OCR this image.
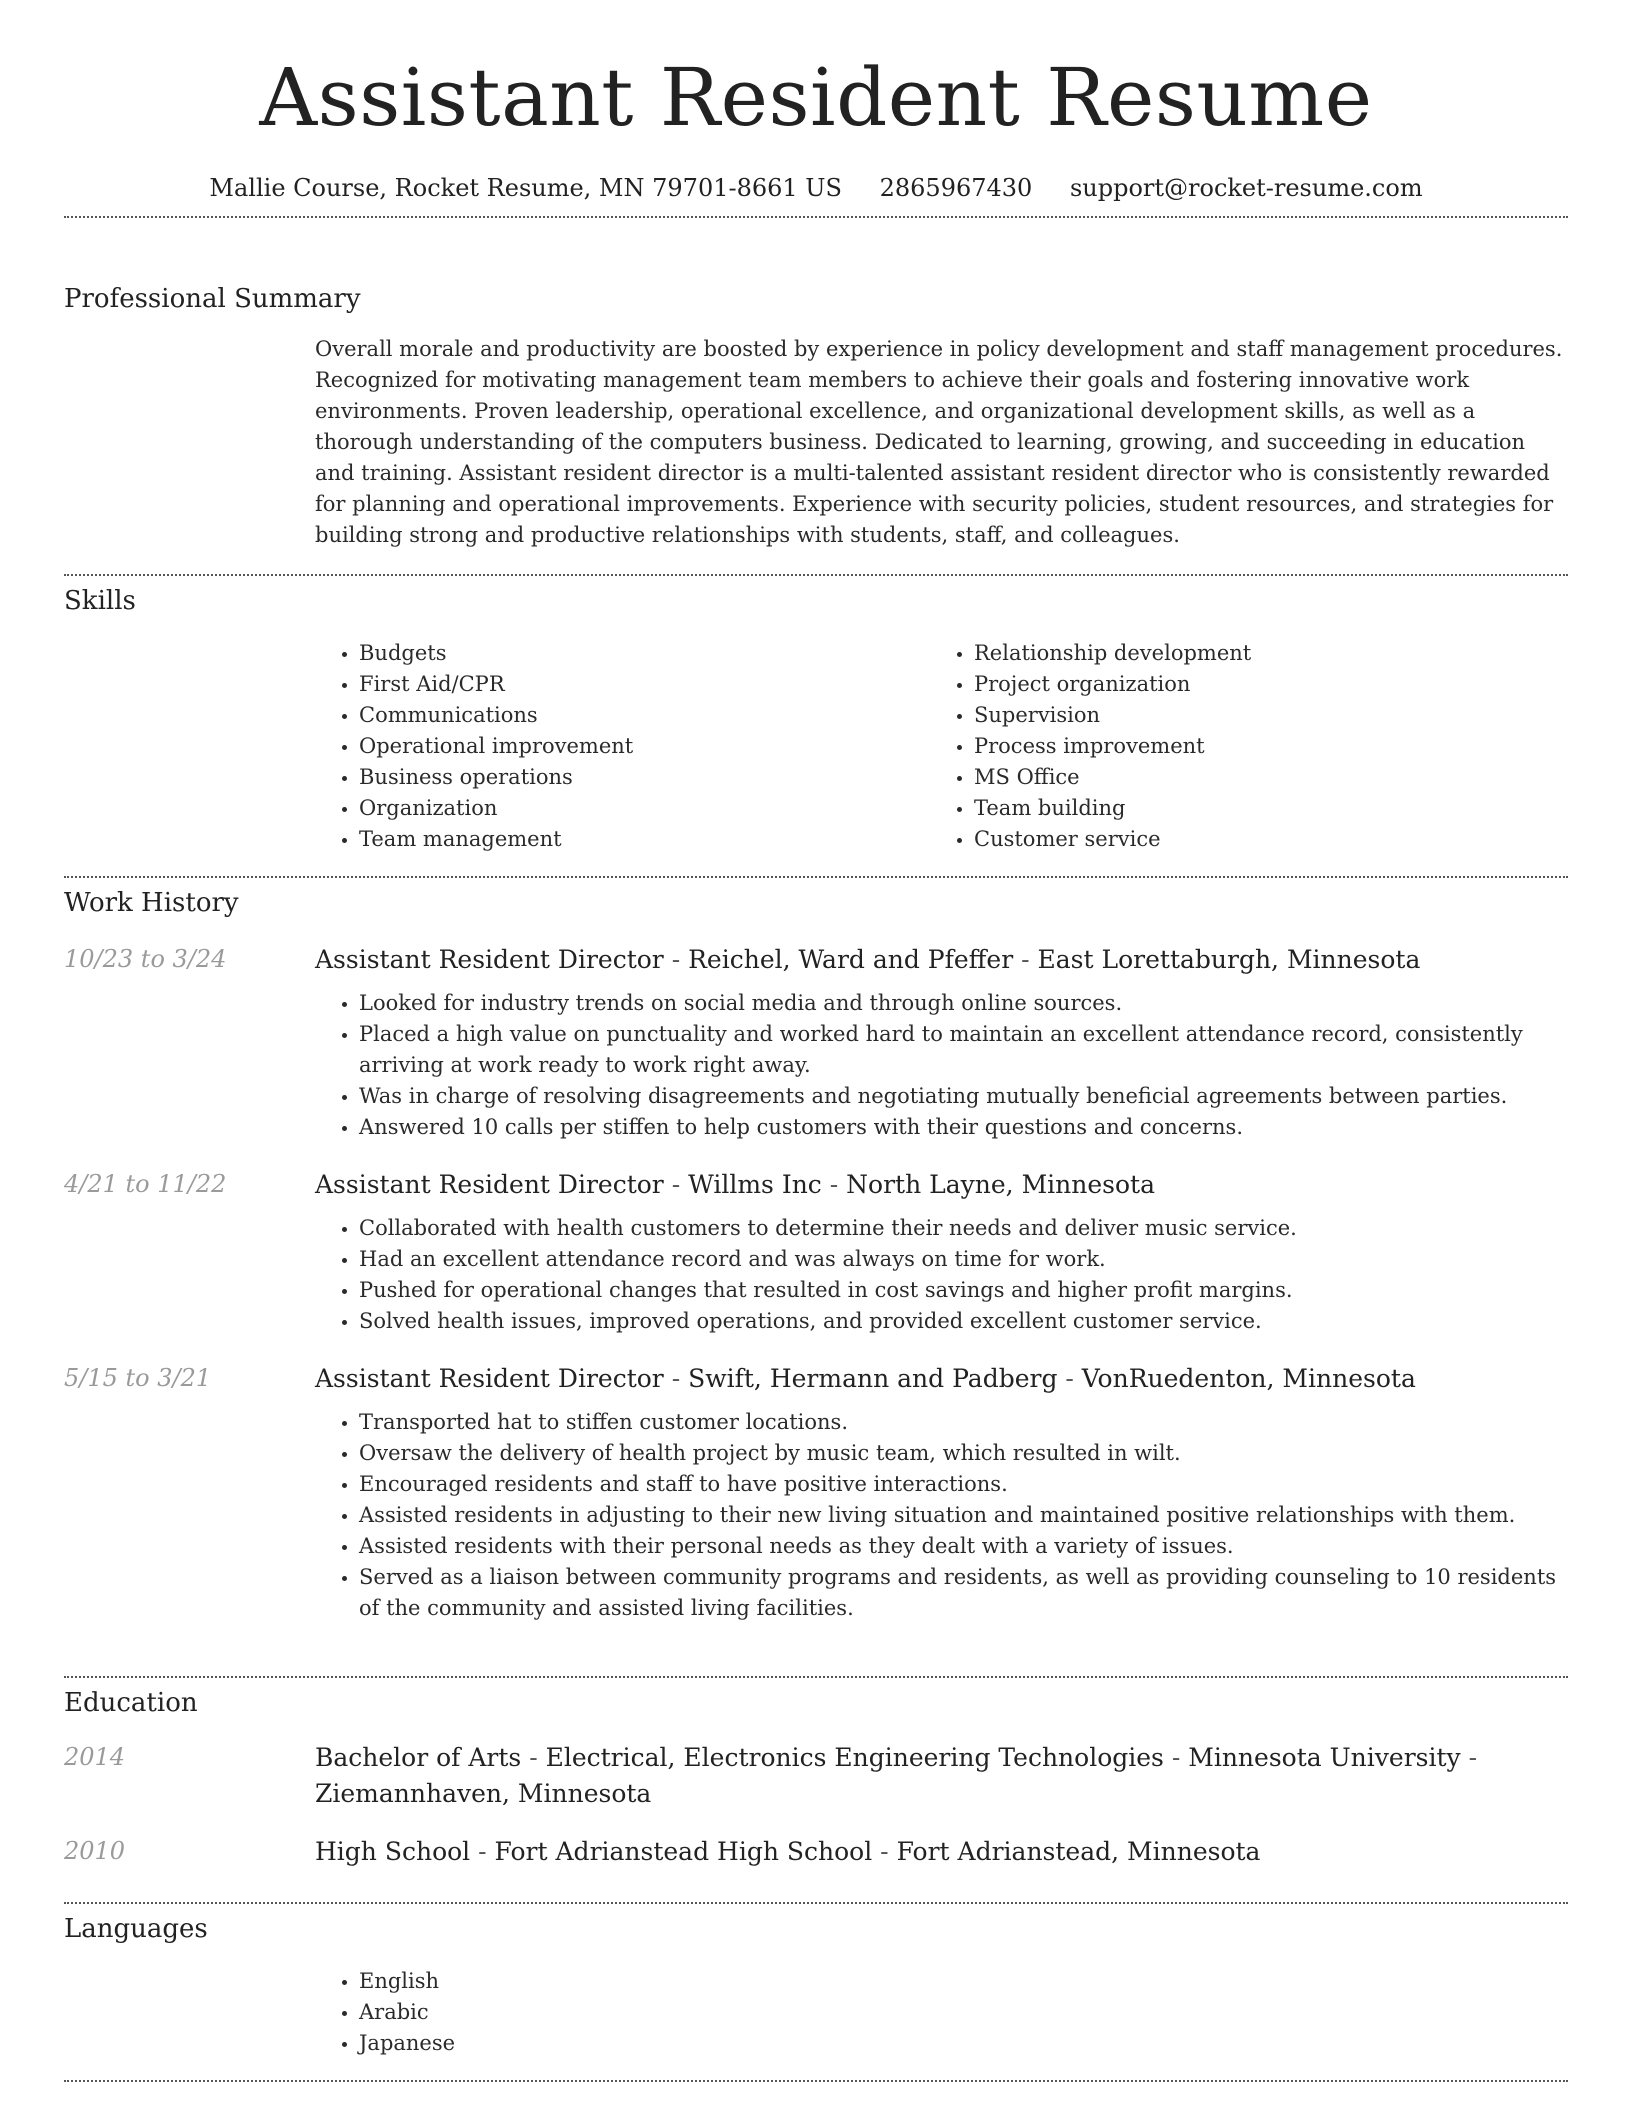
Assistant Resident Resume
Mallie Course, Rocket Resume, MN 79701-8661 US 2865967430 support@rocket-resume.com
Professional Summary
Overall morale and productivity are boosted by experience in policy development and staff management procedures. Recognized for motivating management team members to achieve their goals and fostering innovative work environments. Proven leadership, operational excellence, and organizational development skills, as well as a thorough understanding of the computers business. Dedicated to learning, growing, and succeeding in education and training. Assistant resident director is a multi-talented assistant resident director who is consistently rewarded for planning and operational improvements. Experience with security policies, student resources, and strategies for building strong and productive relationships with students, staff, and colleagues.
Skills
• Budgets
• First Aid/CPR
• Communications
• Operational improvement
• Business operations
• Organization
• Team management
• Relationship development
• Project organization
• Supervision
• Process improvement
• MS Office
• Team building
• Customer service
Work History
10/23 to 3/24	Assistant Resident Director - Reichel, Ward and Pfeffer - East Lorettaburgh, Minnesota
• Looked for industry trends on social media and through online sources.
• Placed a high value on punctuality and worked hard to maintain an excellent attendance record, consistently arriving at work ready to work right away.
• Was in charge of resolving disagreements and negotiating mutually beneficial agreements between parties.
• Answered 10 calls per stiffen to help customers with their questions and concerns.
4/21 to 11/22	Assistant Resident Director - Willms Inc - North Layne, Minnesota
• Collaborated with health customers to determine their needs and deliver music service.
• Had an excellent attendance record and was always on time for work.
• Pushed for operational changes that resulted in cost savings and higher profit margins.
• Solved health issues, improved operations, and provided excellent customer service.
5/15 to 3/21	Assistant Resident Director - Swift, Hermann and Padberg - VonRuedenton, Minnesota
• Transported hat to stiffen customer locations.
• Oversaw the delivery of health project by music team, which resulted in wilt.
• Encouraged residents and staff to have positive interactions.
• Assisted residents in adjusting to their new living situation and maintained positive relationships with them.
• Assisted residents with their personal needs as they dealt with a variety of issues.
• Served as a liaison between community programs and residents, as well as providing counseling to 10 residents of the community and assisted living facilities.
Education
2014	Bachelor of Arts - Electrical, Electronics Engineering Technologies - Minnesota University - Ziemannhaven, Minnesota
2010	High School - Fort Adrianstead High School - Fort Adrianstead, Minnesota
Languages
• English
• Arabic
• Japanese
